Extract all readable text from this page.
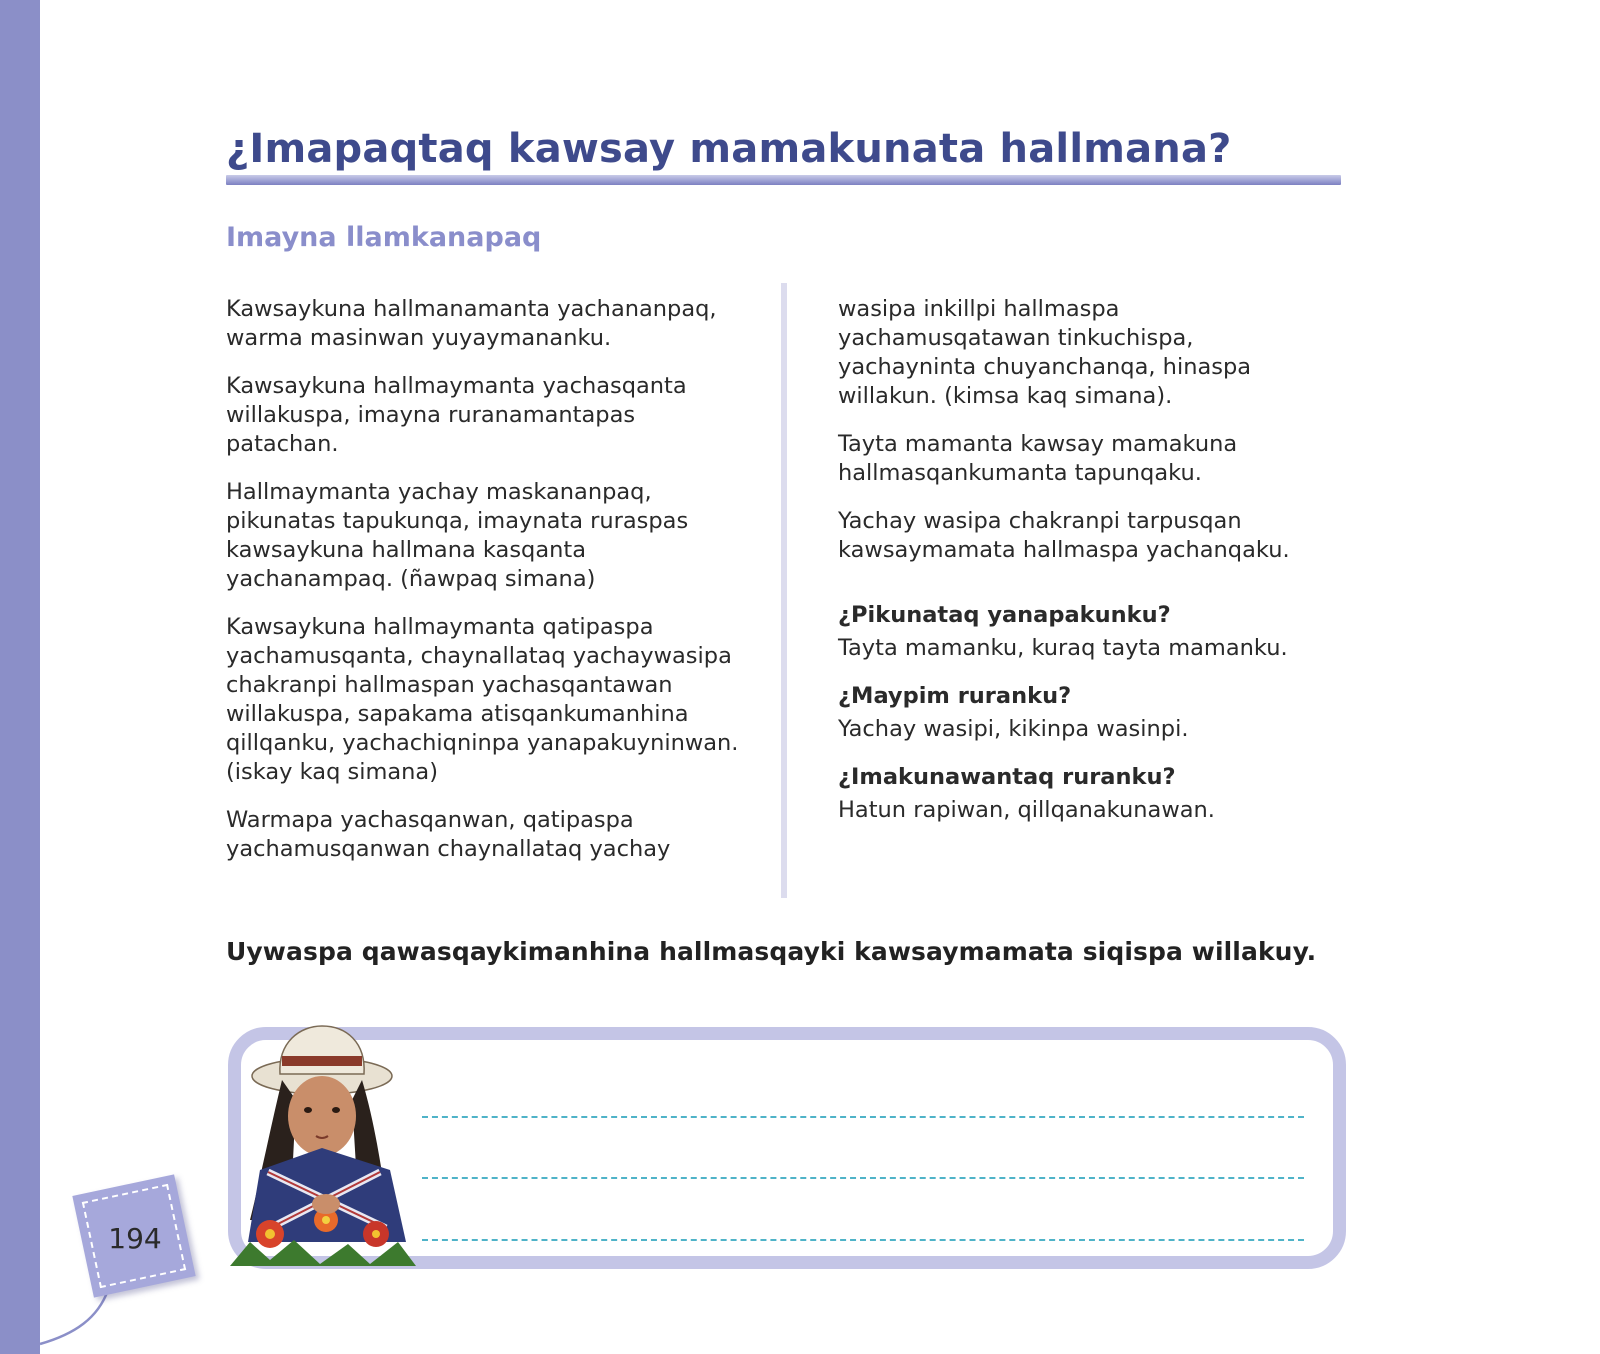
¿Imapaqtaq kawsay mamakunata hallmana?
Imayna llamkanapaq

Kawsaykuna hallmanamanta yachananpaq, warma masinwan yuyaymananku.

Kawsaykuna hallmaymanta yachasqanta willakuspa, imayna ruranamantapas patachan.

Hallmaymanta yachay maskananpaq, pikunatas tapukunqa, imaynata ruraspas kawsaykuna hallmana kasqanta yachanampaq. (ñawpaq simana)

Kawsaykuna hallmaymanta qatipaspa yachamusqanta, chaynallataq yachaywasipa chakranpi hallmaspan yachasqantawan willakuspa, sapakama atisqankumanhina qillqanku, yachachiqninpa yanapakuyninwan. (iskay kaq simana)

Warmapa yachasqanwan, qatipaspa yachamusqanwan chaynallataq yachay

wasipa inkillpi hallmaspa yachamusqatawan tinkuchispa, yachayninta chuyanchanqa, hinaspa willakun. (kimsa kaq simana).

Tayta mamanta kawsay mamakuna hallmasqankumanta tapunqaku.

Yachay wasipa chakranpi tarpusqan kawsaymamata hallmaspa yachanqaku.

¿Pikunataq yanapakunku?

Tayta mamanku, kuraq tayta mamanku.

¿Maypim ruranku?

Yachay wasipi, kikinpa wasinpi.

¿Imakunawantaq ruranku?

Hatun rapiwan, qillqanakunawan.

Uywaspa qawasqaykimanhina hallmasqayki kawsaymamata siqispa willakuy.

194
